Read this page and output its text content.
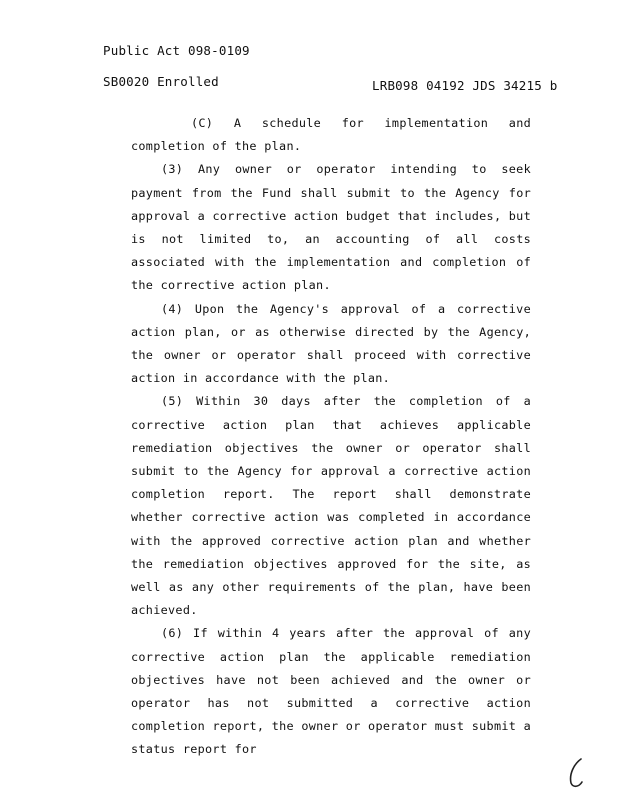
Public Act 098-0109
SB0020 Enrolled	LRB098 04192 JDS 34215 b

(C) A schedule for implementation and completion of the plan.

(3) Any owner or operator intending to seek payment from the Fund shall submit to the Agency for approval a corrective action budget that includes, but is not limited to, an accounting of all costs associated with the implementation and completion of the corrective action plan.

(4) Upon the Agency's approval of a corrective action plan, or as otherwise directed by the Agency, the owner or operator shall proceed with corrective action in accordance with the plan.

(5) Within 30 days after the completion of a corrective action plan that achieves applicable remediation objectives the owner or operator shall submit to the Agency for approval a corrective action completion report. The report shall demonstrate whether corrective action was completed in accordance with the approved corrective action plan and whether the remediation objectives approved for the site, as well as any other requirements of the plan, have been achieved.

(6) If within 4 years after the approval of any corrective action plan the applicable remediation objectives have not been achieved and the owner or operator has not submitted a corrective action completion report, the owner or operator must submit a status report for
